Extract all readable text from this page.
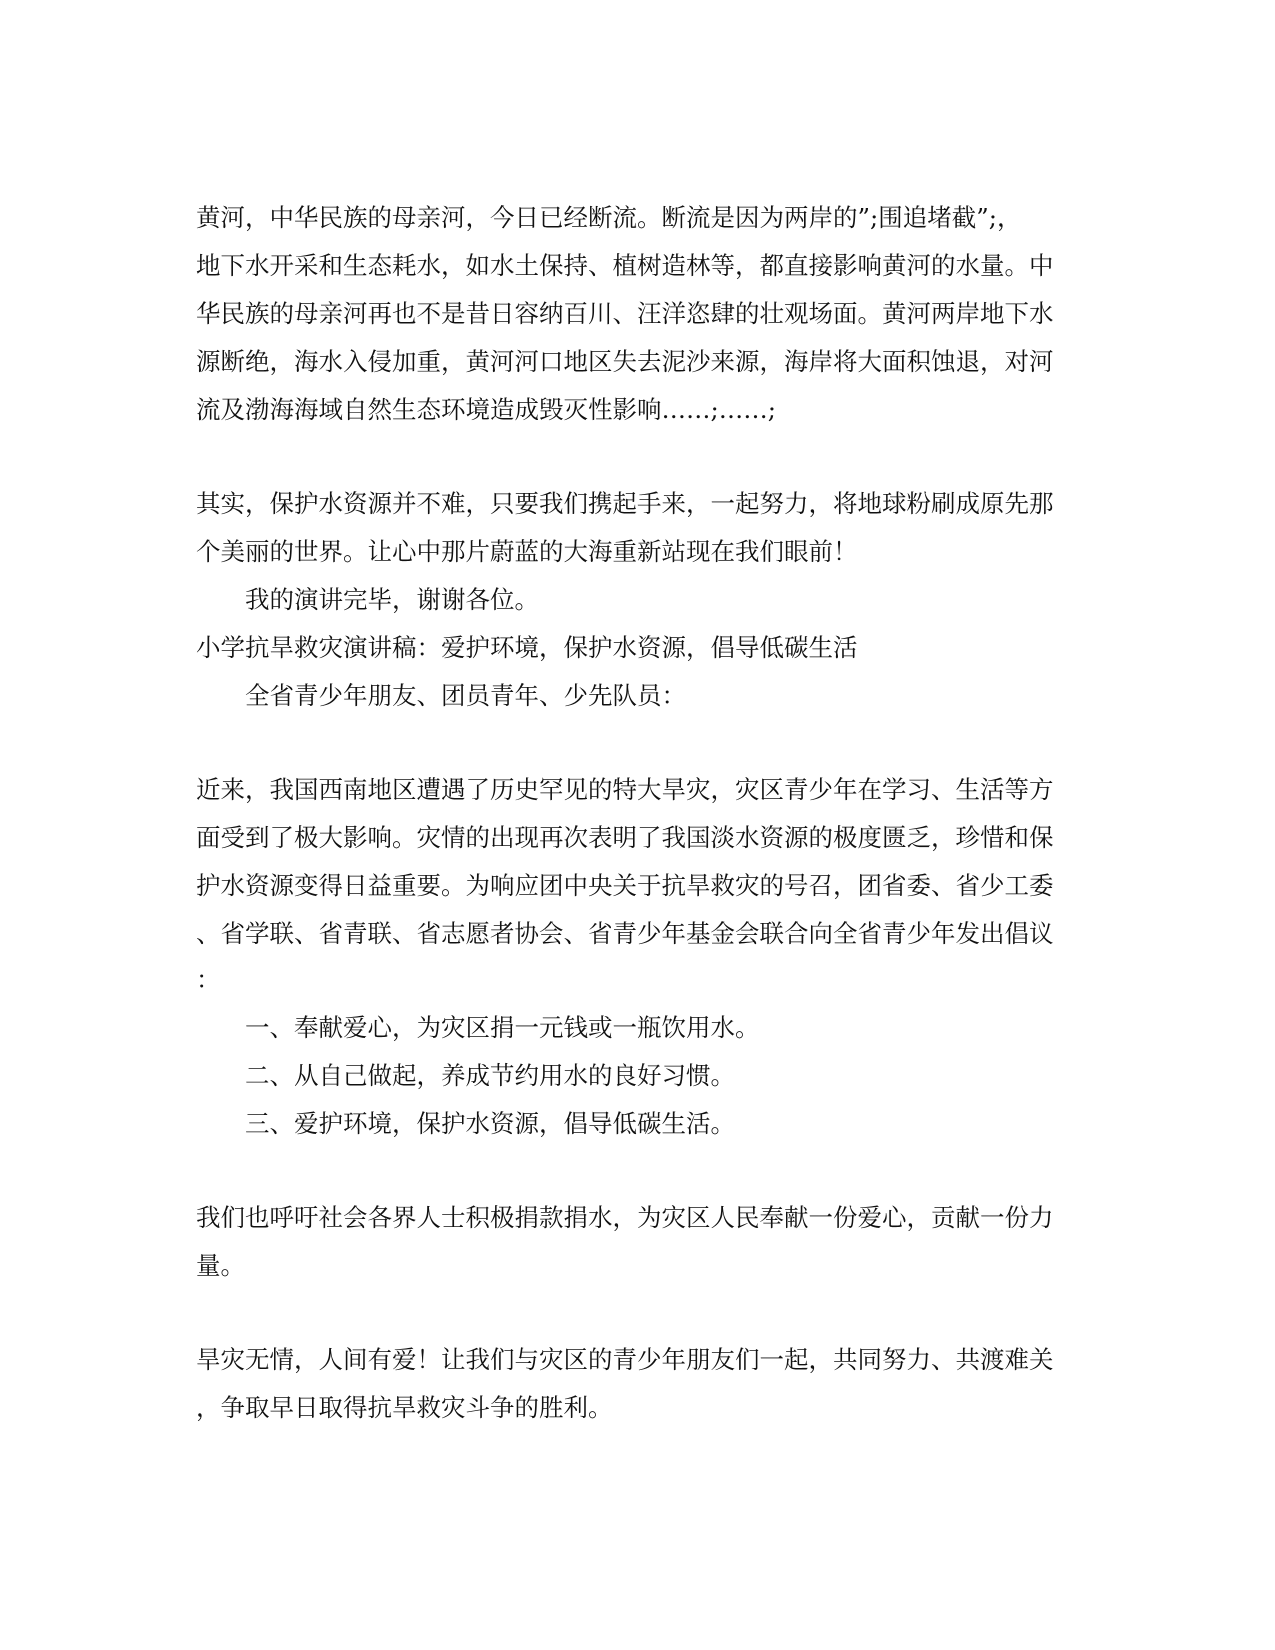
黄河，中华民族的母亲河，今日已经断流。断流是因为两岸的”;围追堵截”;，

地下水开采和生态耗水，如水土保持、植树造林等，都直接影响黄河的水量。中

华民族的母亲河再也不是昔日容纳百川、汪洋恣肆的壮观场面。黄河两岸地下水

源断绝，海水入侵加重，黄河河口地区失去泥沙来源，海岸将大面积蚀退，对河

流及渤海海域自然生态环境造成毁灭性影响……;……;

其实，保护水资源并不难，只要我们携起手来，一起努力，将地球粉刷成原先那

个美丽的世界。让心中那片蔚蓝的大海重新站现在我们眼前！

我的演讲完毕，谢谢各位。

小学抗旱救灾演讲稿：爱护环境，保护水资源，倡导低碳生活

全省青少年朋友、团员青年、少先队员：

近来，我国西南地区遭遇了历史罕见的特大旱灾，灾区青少年在学习、生活等方

面受到了极大影响。灾情的出现再次表明了我国淡水资源的极度匮乏，珍惜和保

护水资源变得日益重要。为响应团中央关于抗旱救灾的号召，团省委、省少工委

、省学联、省青联、省志愿者协会、省青少年基金会联合向全省青少年发出倡议

：

一、奉献爱心，为灾区捐一元钱或一瓶饮用水。

二、从自己做起，养成节约用水的良好习惯。

三、爱护环境，保护水资源，倡导低碳生活。

我们也呼吁社会各界人士积极捐款捐水，为灾区人民奉献一份爱心，贡献一份力

量。

旱灾无情，人间有爱！让我们与灾区的青少年朋友们一起，共同努力、共渡难关

，争取早日取得抗旱救灾斗争的胜利。
